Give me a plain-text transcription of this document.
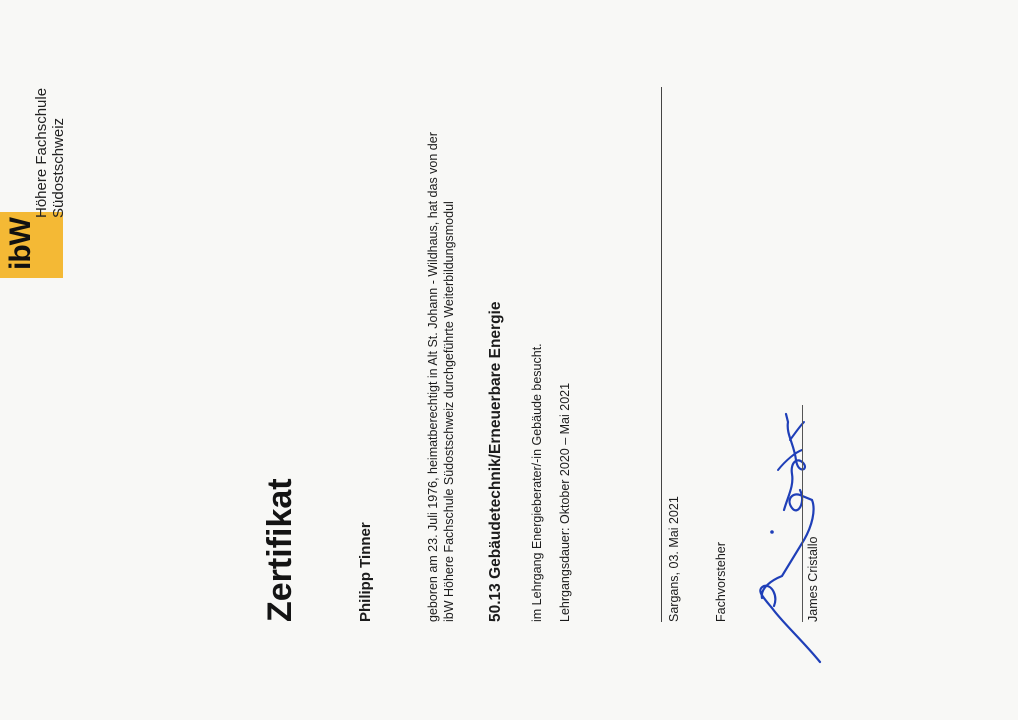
ibW
Höhere Fachschule Südostschweiz
Zertifikat	Philipp Tinner	geboren am 23. Juli 1976, heimatberechtigt in Alt St. Johann - Wildhaus, hat das von der ibW Höhere Fachschule Südostschweiz durchgeführte Weiterbildungsmodul 50.13 Gebäudetechnik/Erneuerbare Energie im Lehrgang Energieberater/-in Gebäude besucht. Lehrgangsdauer: Oktober 2020 – Mai 2021	Sargans, 03. Mai 2021	Fachvorsteher	James Cristallo
